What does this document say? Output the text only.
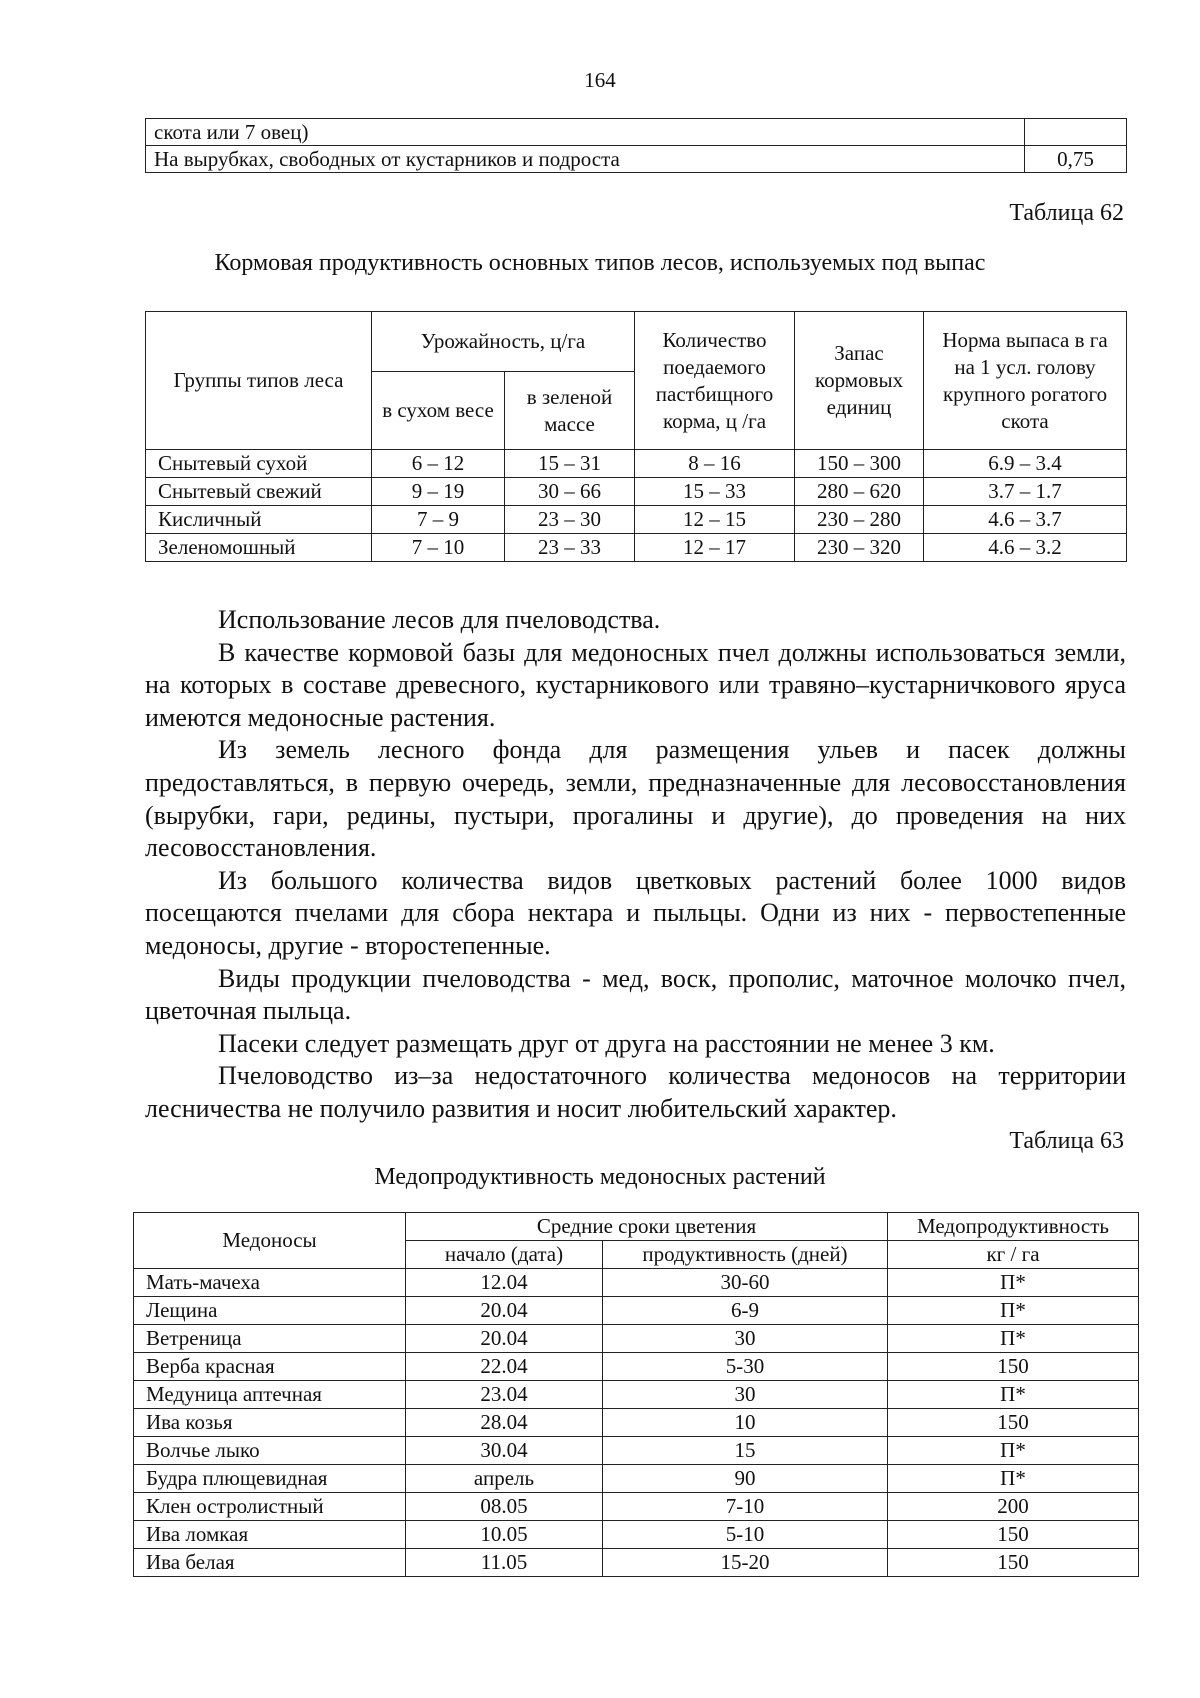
164
скота или 7 овец)	
На вырубках, свободных от кустарников и подроста	0,75
Таблица 62
Кормовая продуктивность основных типов лесов, используемых под выпас
Группы типов леса	Урожайность, ц/га		Количество поедаемого пастбищного корма, ц /га	Запас кормовых единиц	Норма выпаса в га на 1 усл. голову крупного рогатого скота
	в сухом весе	в зеленой массе			
Снытевый сухой	6 – 12	15 – 31	8 – 16	150 – 300	6.9 – 3.4
Снытевый свежий	9 – 19	30 – 66	15 – 33	280 – 620	3.7 – 1.7
Кисличный	7 – 9	23 – 30	12 – 15	230 – 280	4.6 – 3.7
Зеленомошный	7 – 10	23 – 33	12 – 17	230 – 320	4.6 – 3.2

Использование лесов для пчеловодства.

В качестве кормовой базы для медоносных пчел должны использоваться земли, на которых в составе древесного, кустарникового или травяно–кустарничкового яруса имеются медоносные растения.

Из земель лесного фонда для размещения ульев и пасек должны предоставляться, в первую очередь, земли, предназначенные для лесовосстановления (вырубки, гари, редины, пустыри, прогалины и другие), до проведения на них лесовосстановления.

Из большого количества видов цветковых растений более 1000 видов посещаются пчелами для сбора нектара и пыльцы. Одни из них - первостепенные медоносы, другие - второстепенные.

Виды продукции пчеловодства - мед, воск, прополис, маточное молочко пчел, цветочная пыльца.

Пасеки следует размещать друг от друга на расстоянии не менее 3 км.

Пчеловодство из–за недостаточного количества медоносов на территории лесничества не получило развития и носит любительский характер.

Таблица 63
Медопродуктивность медоносных растений
Медоносы	Средние сроки цветения		Медопродуктивность
	начало (дата)	продуктивность (дней)	кг / га
Мать-мачеха	12.04	30-60	П*
Лещина	20.04	6-9	П*
Ветреница	20.04	30	П*
Верба красная	22.04	5-30	150
Медуница аптечная	23.04	30	П*
Ива козья	28.04	10	150
Волчье лыко	30.04	15	П*
Будра плющевидная	апрель	90	П*
Клен остролистный	08.05	7-10	200
Ива ломкая	10.05	5-10	150
Ива белая	11.05	15-20	150
